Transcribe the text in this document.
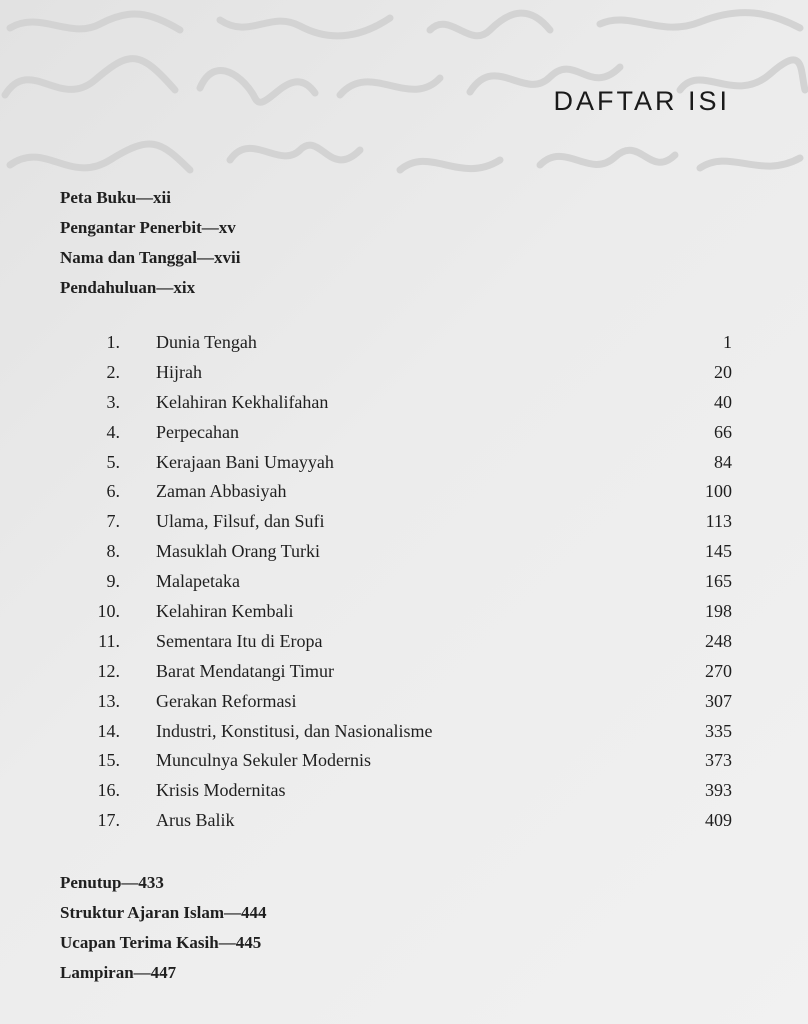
DAFTAR ISI
Peta Buku—xii
Pengantar Penerbit—xv
Nama dan Tanggal—xvii
Pendahuluan—xix
1. Dunia Tengah	1
2. Hijrah	20
3. Kelahiran Kekhalifahan	40
4. Perpecahan	66
5. Kerajaan Bani Umayyah	84
6. Zaman Abbasiyah	100
7. Ulama, Filsuf, dan Sufi	113
8. Masuklah Orang Turki	145
9. Malapetaka	165
10. Kelahiran Kembali	198
11. Sementara Itu di Eropa	248
12. Barat Mendatangi Timur	270
13. Gerakan Reformasi	307
14. Industri, Konstitusi, dan Nasionalisme	335
15. Munculnya Sekuler Modernis	373
16. Krisis Modernitas	393
17. Arus Balik	409
Penutup—433
Struktur Ajaran Islam—444
Ucapan Terima Kasih—445
Lampiran—447
